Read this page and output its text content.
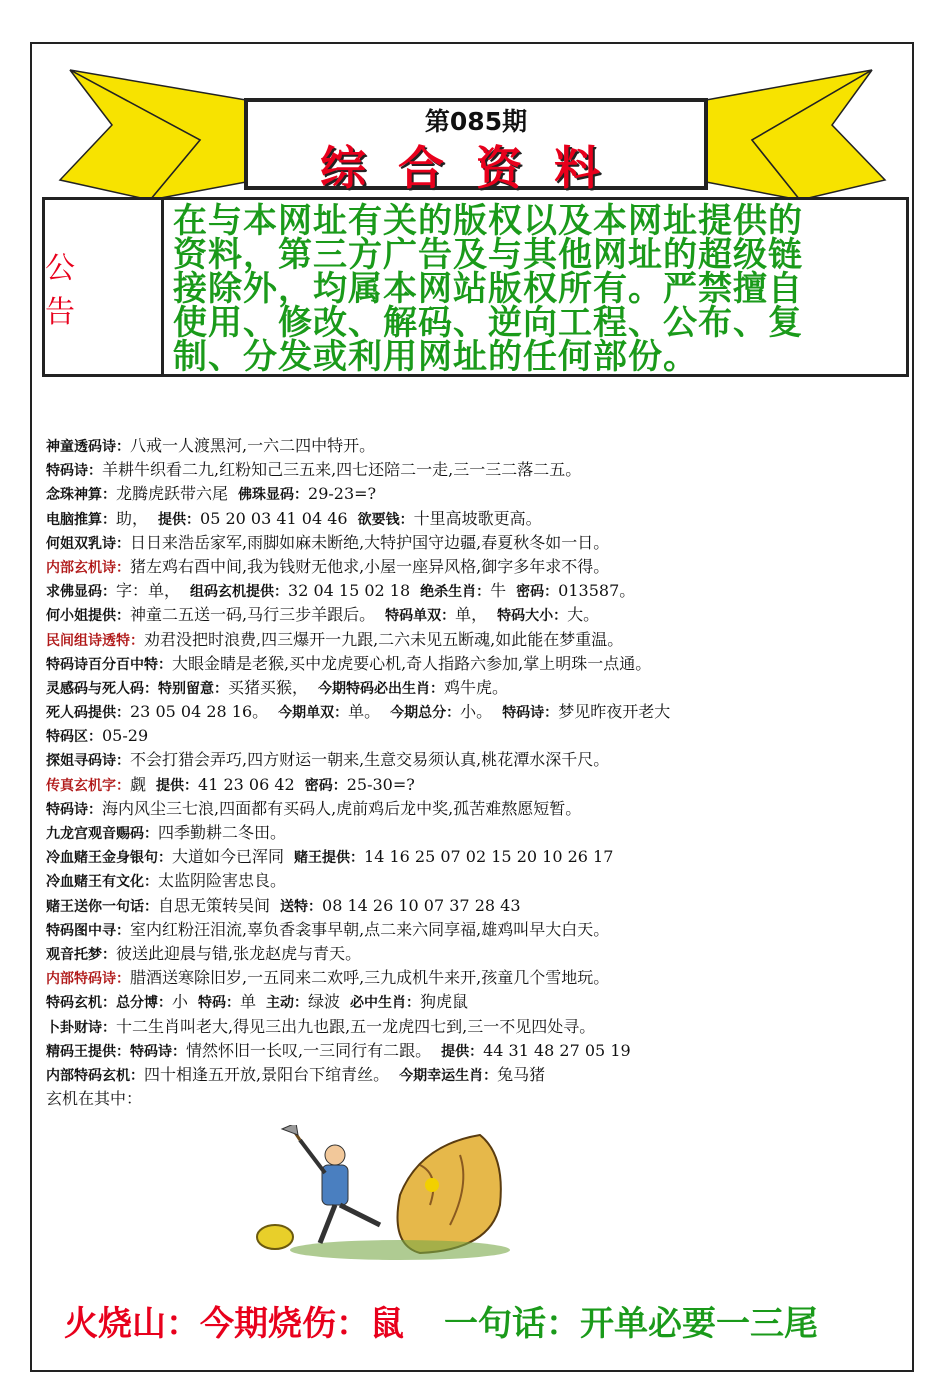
第085期
综合资料
公告
在与本网址有关的版权以及本网址提供的
资料，第三方广告及与其他网址的超级链
接除外，均属本网站版权所有。严禁擅自
使用、修改、解码、逆向工程、公布、复
制、分发或利用网址的任何部份。
神童透码诗：八戒一人渡黑河,一六二四中特开。
特码诗：羊耕牛织看二九,红粉知己三五来,四七还陪二一走,三一三二落二五。
念珠神算：龙腾虎跃带六尾 佛珠显码：29-23=?
电脑推算：助， 提供：05 20 03 41 04 46 欲要钱：十里高坡歌更高。
何姐双乳诗：日日来浩岳家军,雨脚如麻未断绝,大特护国守边疆,春夏秋冬如一日。
内部玄机诗：猪左鸡右酉中间,我为钱财无他求,小屋一座异风格,御字多年求不得。
求佛显码：字：单， 组码玄机提供：32 04 15 02 18 绝杀生肖：牛 密码：013587。
何小姐提供：神童二五送一码,马行三步羊跟后。 特码单双：单， 特码大小：大。
民间组诗透特：劝君没把时浪费,四三爆开一九跟,二六未见五断魂,如此能在梦重温。
特码诗百分百中特：大眼金睛是老猴,买中龙虎要心机,奇人指路六参加,掌上明珠一点通。
灵感码与死人码：特别留意：买猪买猴， 今期特码必出生肖：鸡牛虎。
死人码提供：23 05 04 28 16。 今期单双：单。 今期总分：小。 特码诗：梦见昨夜开老大
特码区：05-29
探姐寻码诗：不会打猎会弄巧,四方财运一朝来,生意交易须认真,桃花潭水深千尺。
传真玄机字：觑 提供：41 23 06 42 密码：25-30=?
特码诗：海内风尘三七浪,四面都有买码人,虎前鸡后龙中奖,孤苦难熬愿短暂。
九龙宫观音赐码：四季勤耕二冬田。
冷血赌王金身银句：大道如今已浑同 赌王提供：14 16 25 07 02 15 20 10 26 17
冷血赌王有文化：太监阴险害忠良。
赌王送你一句话：自思无策转吴间 送特：08 14 26 10 07 37 28 43
特码图中寻：室内红粉汪泪流,辜负香衾事早朝,点二来六同享福,雄鸡叫早大白天。
观音托梦：彼送此迎晨与错,张龙赵虎与青天。
内部特码诗：腊酒送寒除旧岁,一五同来二欢呼,三九成机牛来开,孩童几个雪地玩。
特码玄机：总分博：小 特码：单 主动：绿波 必中生肖：狗虎鼠
卜卦财诗：十二生肖叫老大,得见三出九也跟,五一龙虎四七到,三一不见四处寻。
精码王提供：特码诗：情然怀旧一长叹,一三同行有二跟。 提供：44 31 48 27 05 19
内部特码玄机：四十相逢五开放,景阳台下绾青丝。 今期幸运生肖：兔马猪
玄机在其中：
火烧山：今期烧伤：鼠 一句话：开单必要一三尾
